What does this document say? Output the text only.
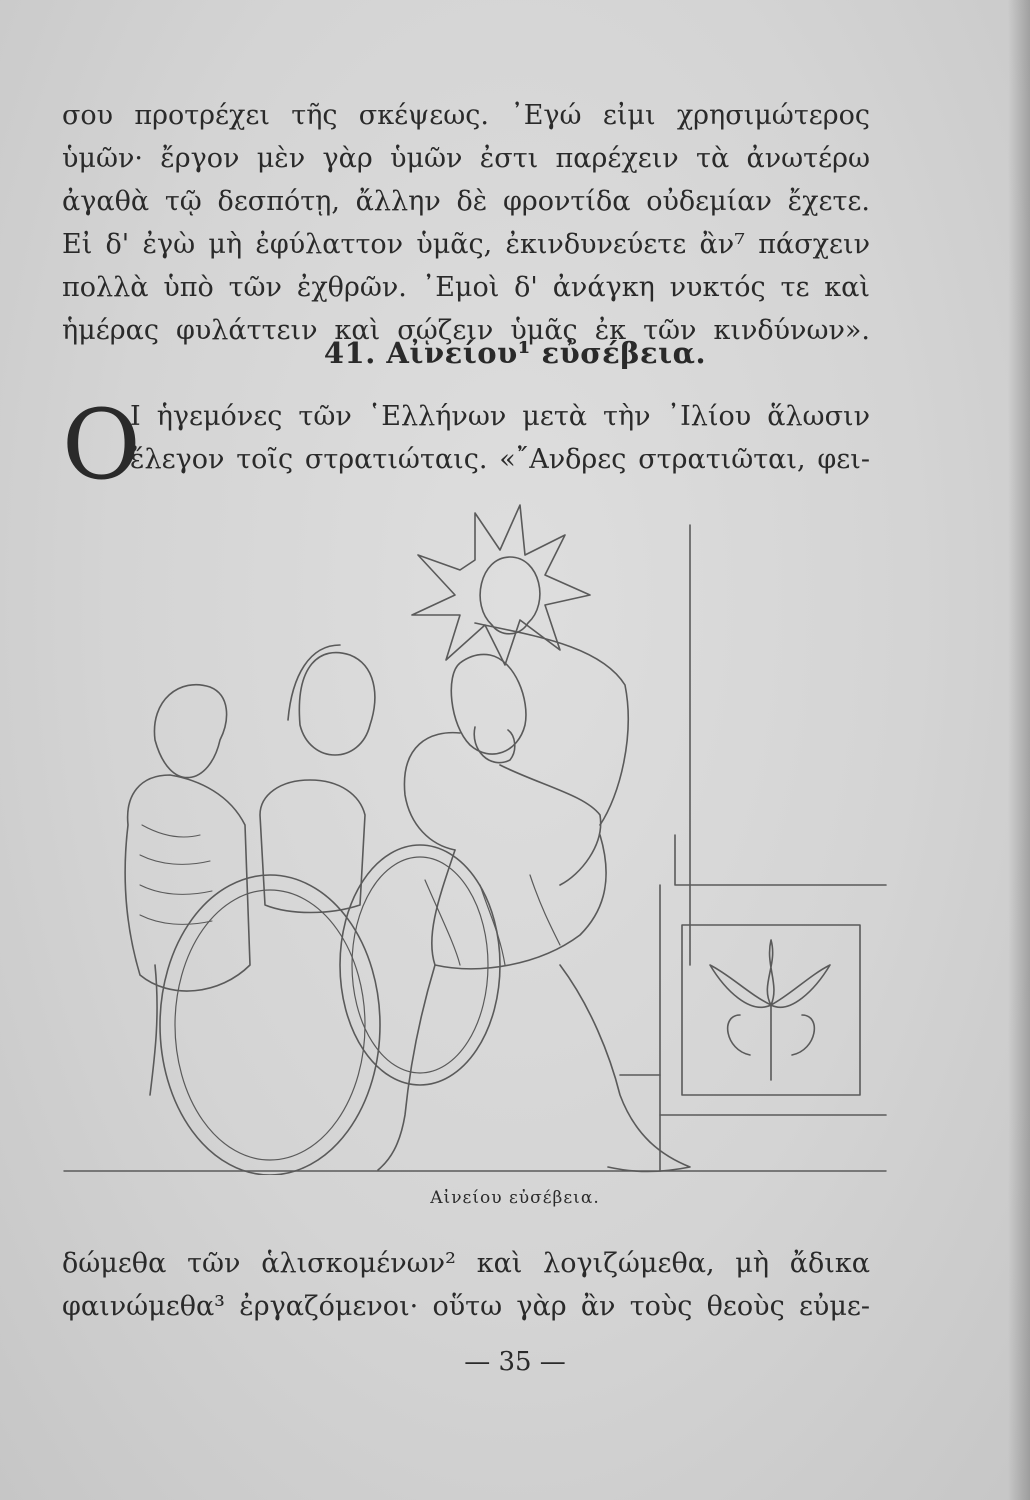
σου προτρέχει τῆς σκέψεως. ᾿Εγώ εἰμι χρησιμώτερος
ὑμῶν· ἔργον μὲν γὰρ ὑμῶν ἐστι παρέχειν τὰ ἀνωτέρω
ἀγαθὰ τῷ δεσπότῃ, ἄλλην δὲ φροντίδα οὐδεμίαν ἔχετε.
Εἰ δ' ἐγὼ μὴ ἐφύλαττον ὑμᾶς, ἐκινδυνεύετε ἂν⁷ πάσχειν
πολλὰ ὑπὸ τῶν ἐχθρῶν. ᾿Εμοὶ δ' ἀνάγκη νυκτός τε καὶ
ἡμέρας φυλάττειν καὶ σῴζειν ὑμᾶς ἐκ τῶν κινδύνων».
41. Αἰνείου¹ εὐσέβεια.
Ο
Ι ἡγεμόνες τῶν ῾Ελλήνων μετὰ τὴν ᾿Ιλίου ἅλωσιν
ἔλεγον τοῖς στρατιώταις. «῎Ανδρες στρατιῶται, φει-
Αἰνείου εὐσέβεια.
δώμεθα τῶν ἁλισκομένων² καὶ λογιζώμεθα, μὴ ἄδικα
φαινώμεθα³ ἐργαζόμενοι· οὕτω γὰρ ἂν τοὺς θεοὺς εὐμε-
— 35 —
